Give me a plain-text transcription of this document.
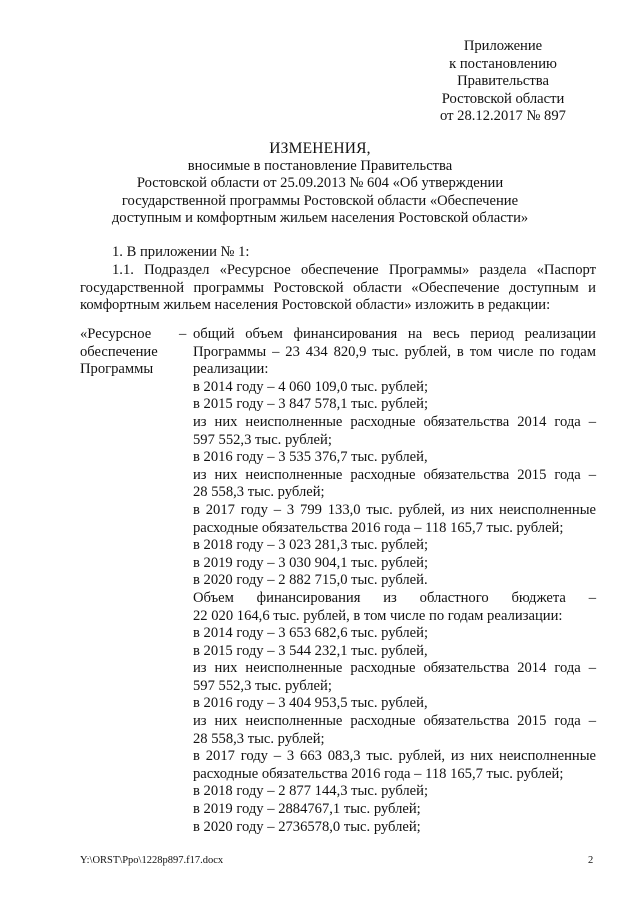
Приложение
к постановлению
Правительства
Ростовской области
от 28.12.2017 № 897
ИЗМЕНЕНИЯ,
вносимые в постановление Правительства
Ростовской области от 25.09.2013 № 604 «Об утверждении
государственной программы Ростовской области «Обеспечение
доступным и комфортным жильем населения Ростовской области»
1. В приложении № 1:
1.1. Подраздел «Ресурсное обеспечение Программы» раздела «Паспорт
государственной программы Ростовской области «Обеспечение доступным и
комфортным жильем населения Ростовской области» изложить в редакции:
«Ресурсное
обеспечение
Программы
– общий объем финансирования на весь период реализации
Программы – 23 434 820,9 тыс. рублей, в том числе по годам
реализации:
в 2014 году – 4 060 109,0 тыс. рублей;
в 2015 году – 3 847 578,1 тыс. рублей;
из них неисполненные расходные обязательства 2014 года –
597 552,3 тыс. рублей;
в 2016 году – 3 535 376,7 тыс. рублей,
из них неисполненные расходные обязательства 2015 года –
28 558,3 тыс. рублей;
в 2017 году – 3 799 133,0 тыс. рублей, из них неисполненные
расходные обязательства 2016 года – 118 165,7 тыс. рублей;
в 2018 году – 3 023 281,3 тыс. рублей;
в 2019 году – 3 030 904,1 тыс. рублей;
в 2020 году – 2 882 715,0 тыс. рублей.
Объем финансирования из областного бюджета –
22 020 164,6 тыс. рублей, в том числе по годам реализации:
в 2014 году – 3 653 682,6 тыс. рублей;
в 2015 году – 3 544 232,1 тыс. рублей,
из них неисполненные расходные обязательства 2014 года –
597 552,3 тыс. рублей;
в 2016 году – 3 404 953,5 тыс. рублей,
из них неисполненные расходные обязательства 2015 года –
28 558,3 тыс. рублей;
в 2017 году – 3 663 083,3 тыс. рублей, из них неисполненные
расходные обязательства 2016 года – 118 165,7 тыс. рублей;
в 2018 году – 2 877 144,3 тыс. рублей;
в 2019 году – 2884767,1 тыс. рублей;
в 2020 году – 2736578,0 тыс. рублей;
Y:\ORST\Ppo\1228p897.f17.docx	2
